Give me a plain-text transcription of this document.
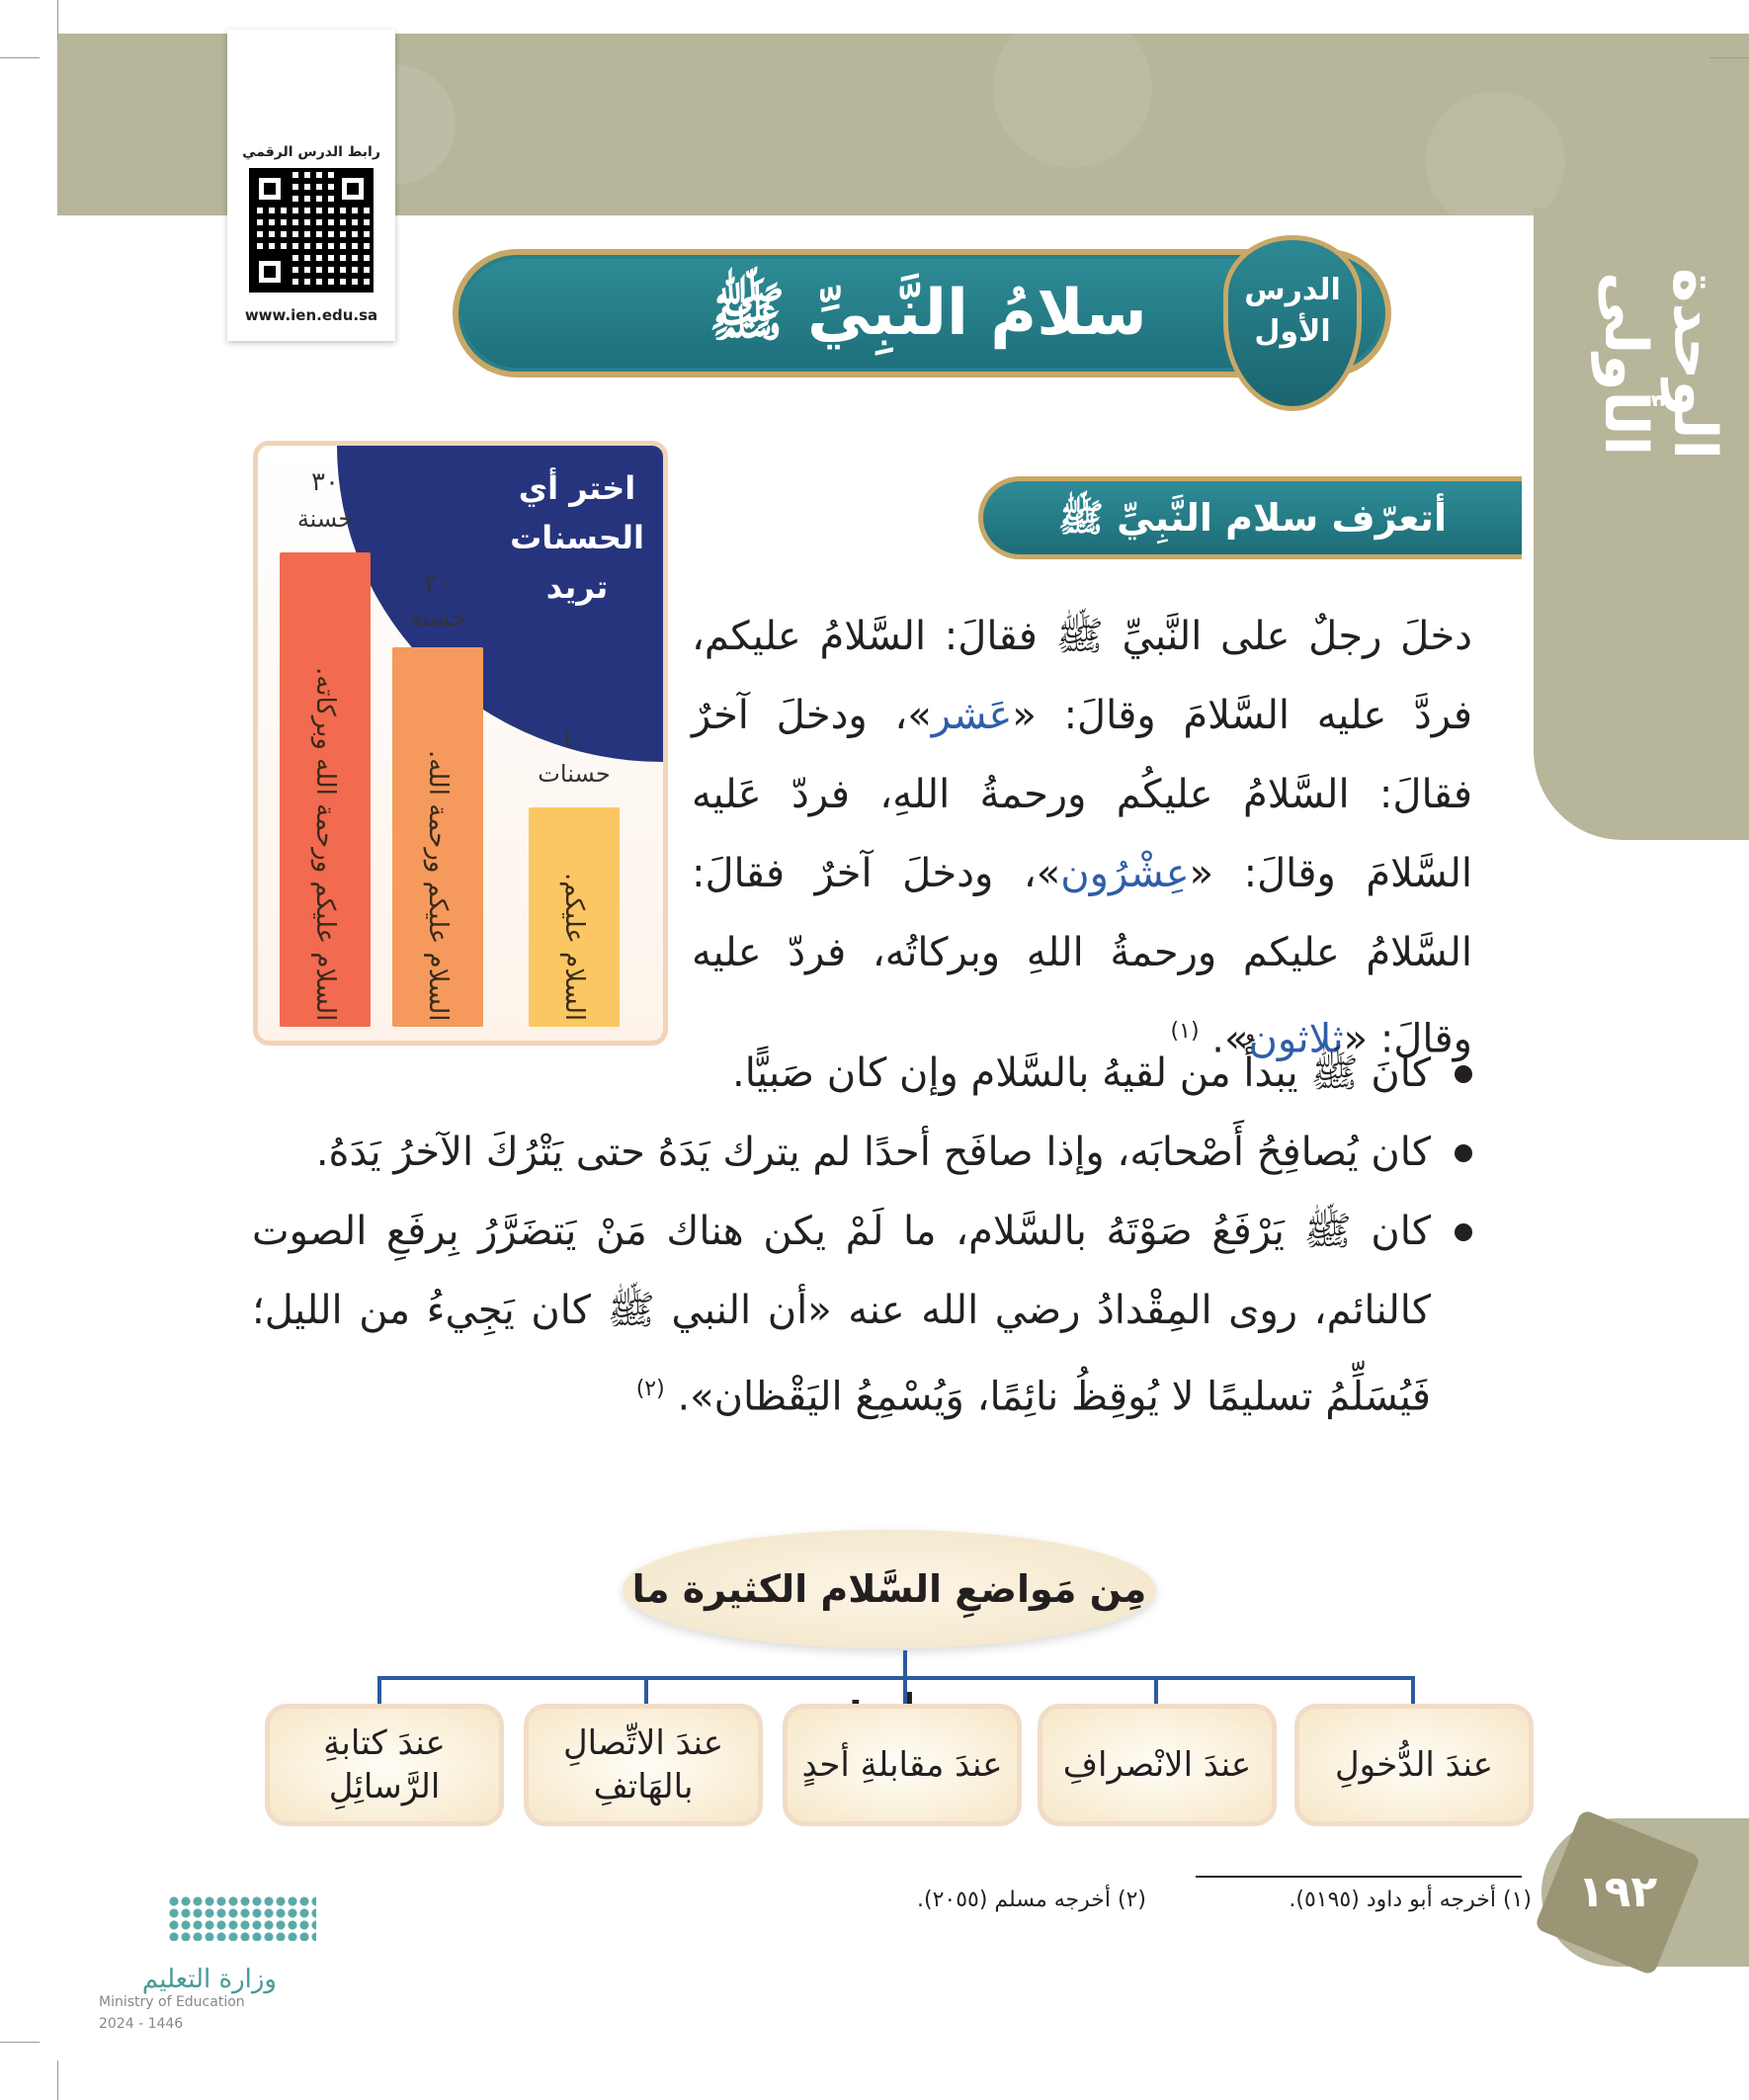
الوحدة الأولى
رابط الدرس الرقمي
www.ien.edu.sa	سلامُ النَّبِيِّ ﷺ	الدرس
الأول
أتعرّف سلام النَّبِيِّ ﷺ
اختر أي
الحسنات
تريد
٣٠
حسنة
السلام عليكم ورحمة الله وبركاته.
٢٠
حسنة
السلام عليكم ورحمة الله.
١٠
حسنات
السلام عليكم.
دخلَ رجلٌ على النَّبيِّ ﷺ فقالَ: السَّلامُ عليكم، فردَّ عليه السَّلامَ وقالَ: «عَشر»، ودخلَ آخرٌ فقالَ: السَّلامُ عليكُم ورحمةُ اللهِ، فردّ عَليه السَّلامَ وقالَ: «عِشْرُون»، ودخلَ آخرٌ فقالَ: السَّلامُ عليكم ورحمةُ اللهِ وبركاتُه، فردّ عليه وقالَ: «ثلاثون». $^{(١)}$
كانَ ﷺ يبدأُ من لقيهُ بالسَّلام وإن كان صَبيًّا.
كان يُصافِحُ أَصْحابَه، وإذا صافَح أحدًا لم يترك يَدَهُ حتى يَتْرُكَ الآخرُ يَدَهُ.
كان ﷺ يَرْفَعُ صَوْتَهُ بالسَّلام، ما لَمْ يكن هناك مَنْ يَتضَرَّرُ بِرفَعِ الصوت كالنائم، روى المِقْدادُ رضي الله عنه «أن النبي ﷺ كان يَجِيءُ من الليل؛ فَيُسَلِّمُ تسليمًا لا يُوقِظُ نائِمًا، وَيُسْمِعُ اليَقْظان». $^{(٢)}$
مِن مَواضعِ السَّلام الكثيرة ما
عندَ الدُّخولِ
عندَ الانْصرافِ
عندَ مقابلةِ أحدٍ
عندَ الاتِّصالِ بالهَاتفِ
عندَ كتابةِ الرَّسائِلِ
١٩٢
(١) أخرجه أبو داود (٥١٩٥).
(٢) أخرجه مسلم (٢٠٥٥).
وزارة التعليم
Ministry of Education
2024 - 1446
